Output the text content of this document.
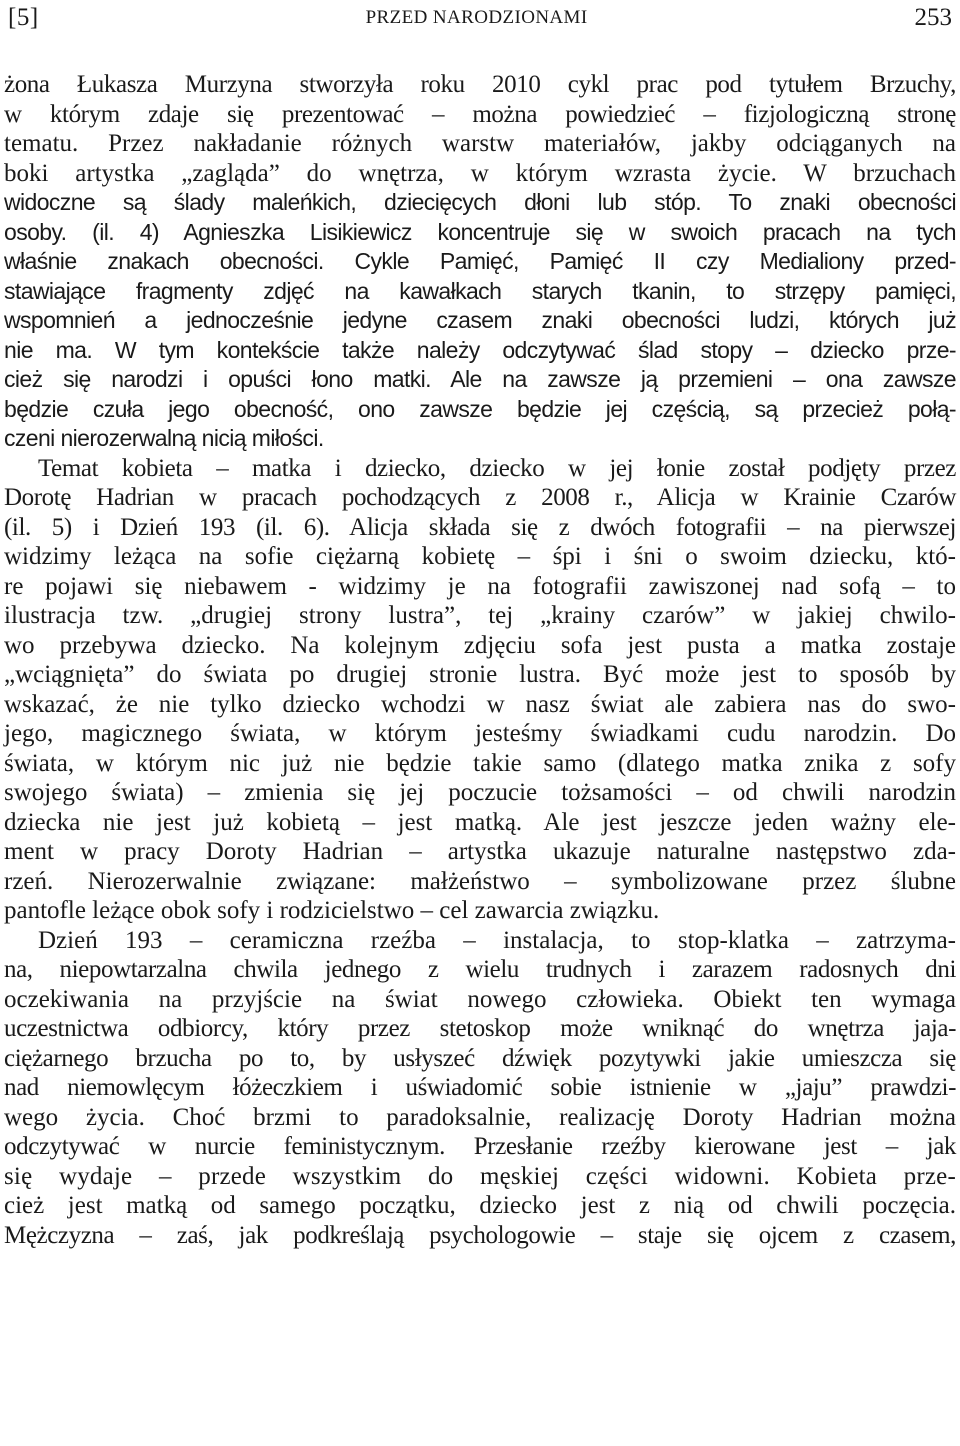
[5]	PRZED NARODZIONAMI	253
żona Łukasza Murzyna stworzyła roku 2010 cykl prac pod tytułem Brzuchy,
w którym zdaje się prezentować – można powiedzieć – fizjologiczną stronę
tematu. Przez nakładanie różnych warstw materiałów, jakby odciąganych na
boki artystka „zagląda” do wnętrza, w którym wzrasta życie. W brzuchach
widoczne są ślady maleńkich, dziecięcych dłoni lub stóp. To znaki obecności
osoby. (il. 4) Agnieszka Lisikiewicz koncentruje się w swoich pracach na tych
właśnie znakach obecności. Cykle Pamięć, Pamięć II czy Medialiony przed-
stawiające fragmenty zdjęć na kawałkach starych tkanin, to strzępy pamięci,
wspomnień a jednocześnie jedyne czasem znaki obecności ludzi, których już
nie ma. W tym kontekście także należy odczytywać ślad stopy – dziecko prze-
cież się narodzi i opuści łono matki. Ale na zawsze ją przemieni – ona zawsze
będzie czuła jego obecność, ono zawsze będzie jej częścią, są przecież połą-
czeni nierozerwalną nicią miłości.
Temat kobieta – matka i dziecko, dziecko w jej łonie został podjęty przez
Dorotę Hadrian w pracach pochodzących z 2008 r., Alicja w Krainie Czarów
(il. 5) i Dzień 193 (il. 6). Alicja składa się z dwóch fotografii – na pierwszej
widzimy leżąca na sofie ciężarną kobietę – śpi i śni o swoim dziecku, któ-
re pojawi się niebawem - widzimy je na fotografii zawiszonej nad sofą – to
ilustracja tzw. „drugiej strony lustra”, tej „krainy czarów” w jakiej chwilo-
wo przebywa dziecko. Na kolejnym zdjęciu sofa jest pusta a matka zostaje
„wciągnięta” do świata po drugiej stronie lustra. Być może jest to sposób by
wskazać, że nie tylko dziecko wchodzi w nasz świat ale zabiera nas do swo-
jego, magicznego świata, w którym jesteśmy świadkami cudu narodzin. Do
świata, w którym nic już nie będzie takie samo (dlatego matka znika z sofy
swojego świata) – zmienia się jej poczucie tożsamości – od chwili narodzin
dziecka nie jest już kobietą – jest matką. Ale jest jeszcze jeden ważny ele-
ment w pracy Doroty Hadrian – artystka ukazuje naturalne następstwo zda-
rzeń. Nierozerwalnie związane: małżeństwo – symbolizowane przez ślubne
pantofle leżące obok sofy i rodzicielstwo – cel zawarcia związku.
Dzień 193 – ceramiczna rzeźba – instalacja, to stop-klatka – zatrzyma-
na, niepowtarzalna chwila jednego z wielu trudnych i zarazem radosnych dni
oczekiwania na przyjście na świat nowego człowieka. Obiekt ten wymaga
uczestnictwa odbiorcy, który przez stetoskop może wniknąć do wnętrza jaja-
ciężarnego brzucha po to, by usłyszeć dźwięk pozytywki jakie umieszcza się
nad niemowlęcym łóżeczkiem i uświadomić sobie istnienie w „jaju” prawdzi-
wego życia. Choć brzmi to paradoksalnie, realizację Doroty Hadrian można
odczytywać w nurcie feministycznym. Przesłanie rzeźby kierowane jest – jak
się wydaje – przede wszystkim do męskiej części widowni. Kobieta prze-
cież jest matką od samego początku, dziecko jest z nią od chwili poczęcia.
Mężczyzna – zaś, jak podkreślają psychologowie – staje się ojcem z czasem,
